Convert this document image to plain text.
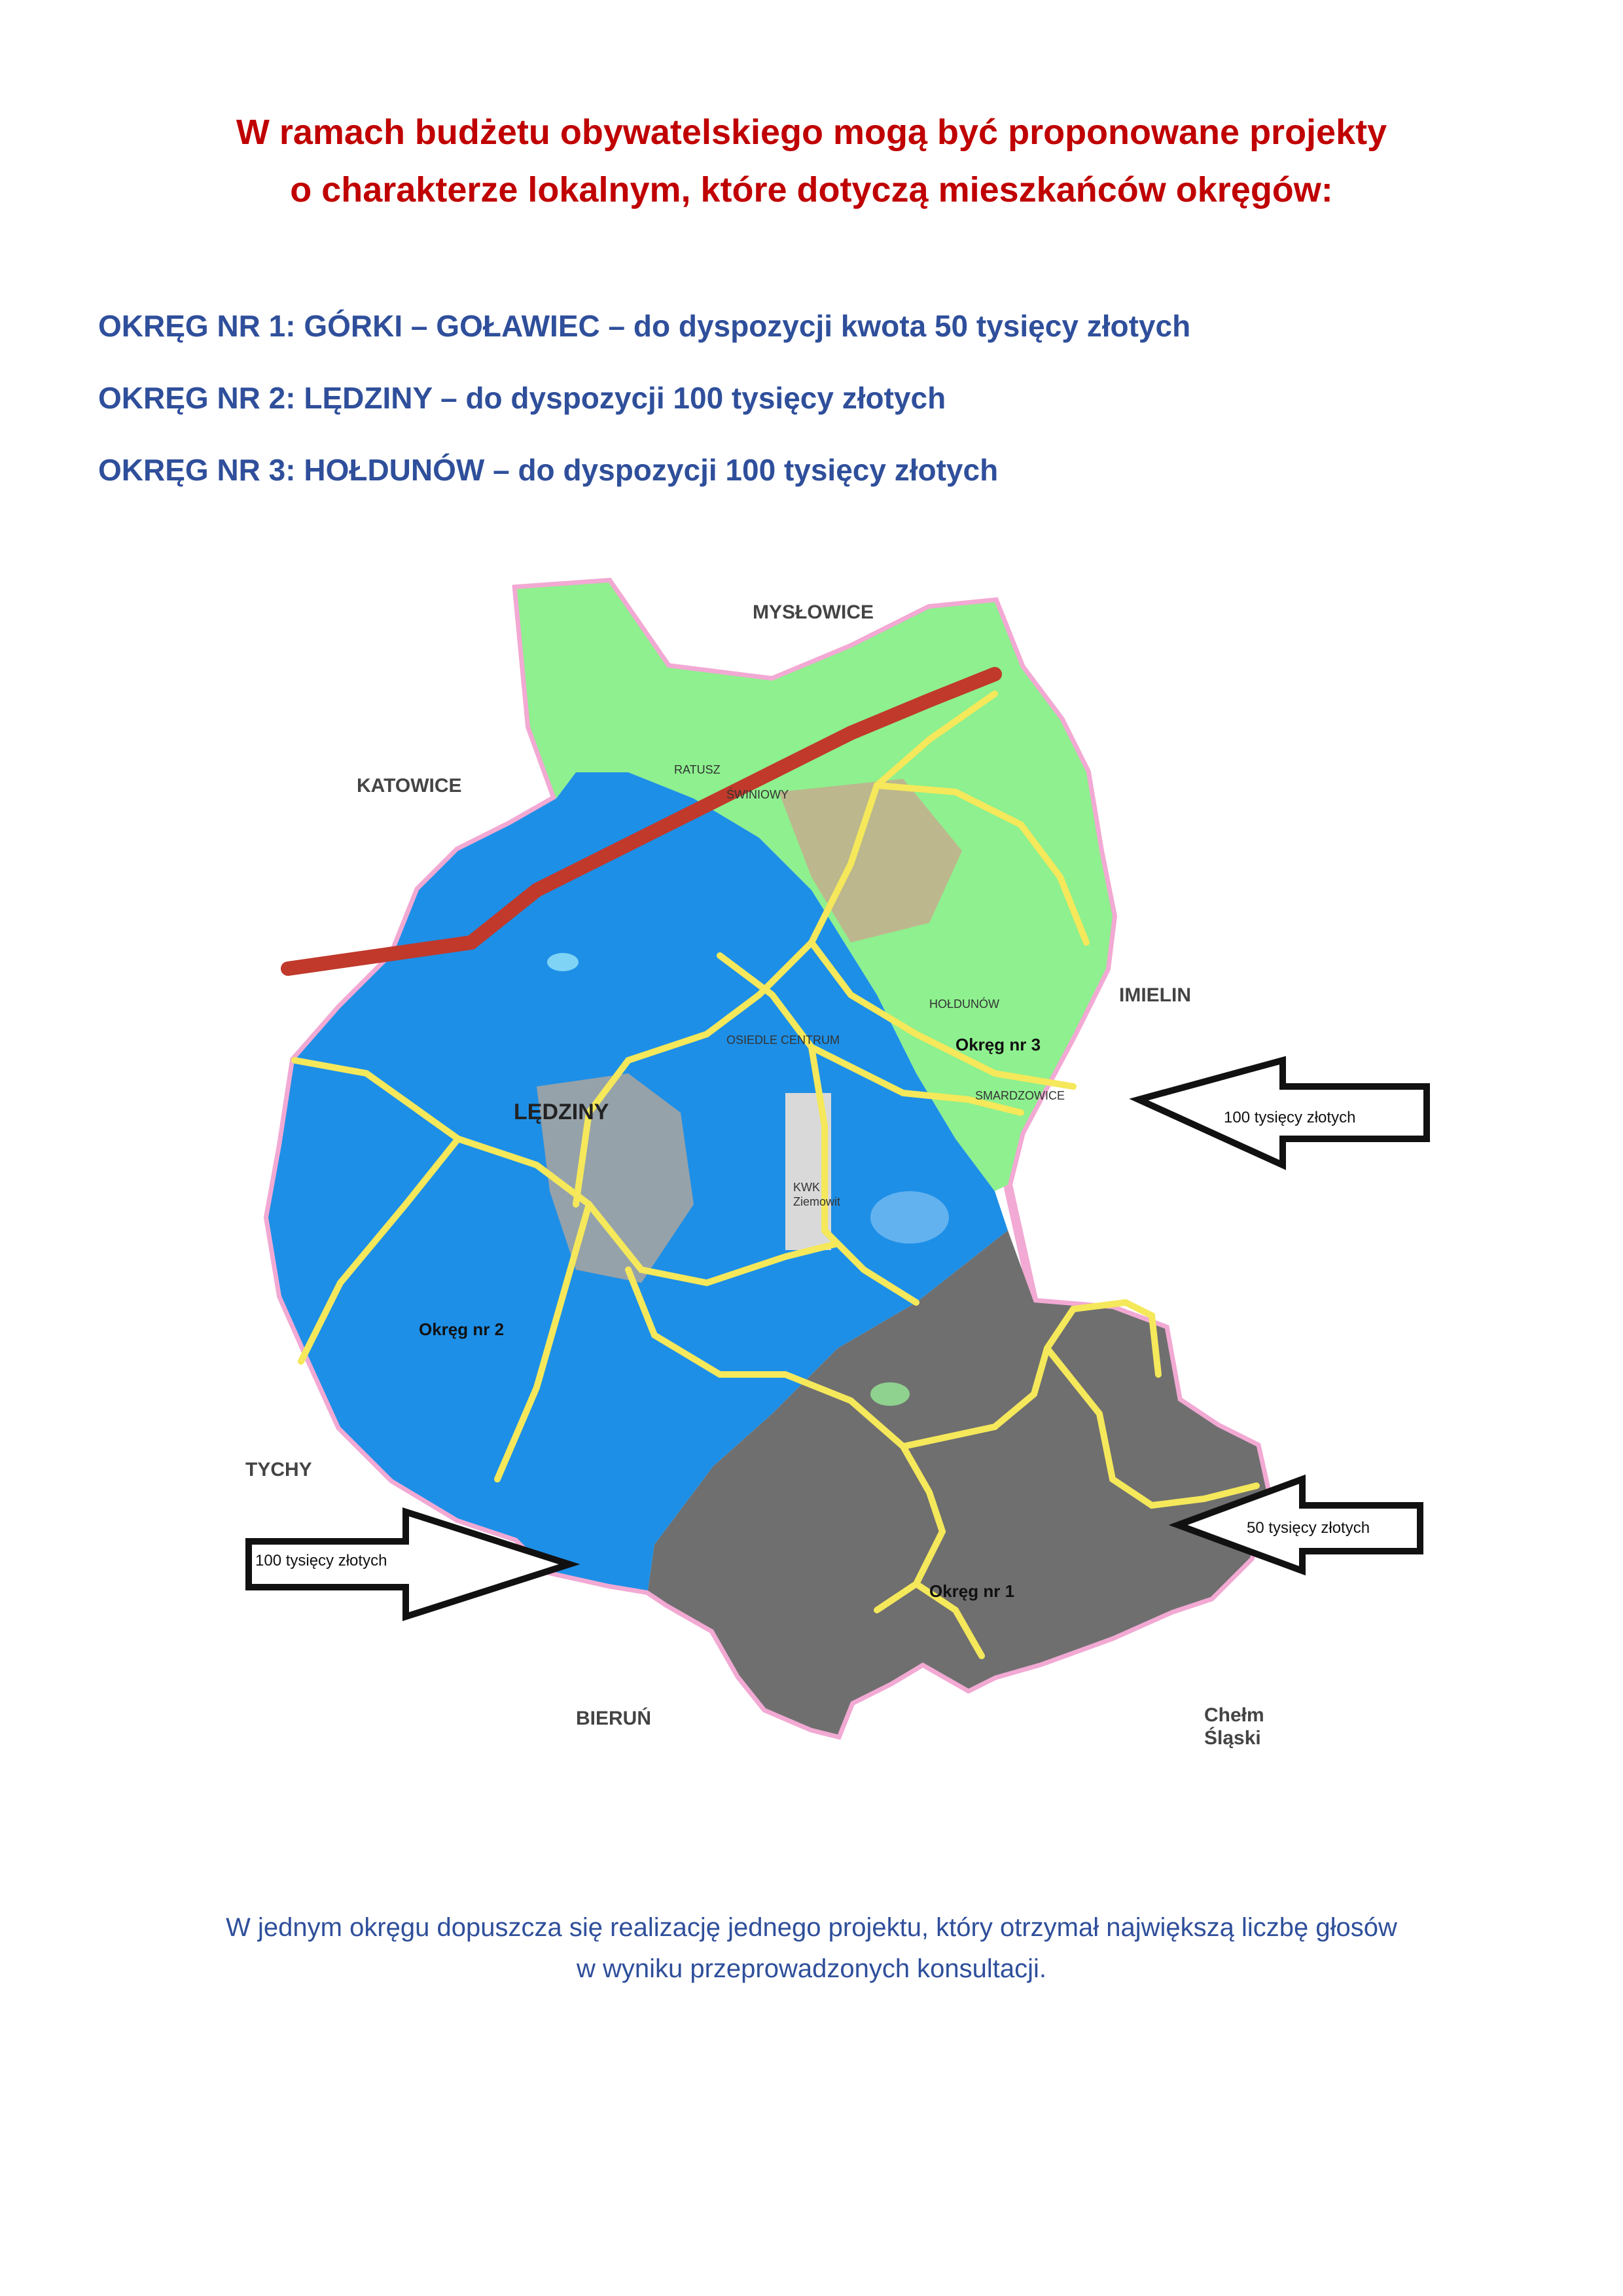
W ramach budżetu obywatelskiego mogą być proponowane projekty
o charakterze lokalnym, które dotyczą mieszkańców okręgów:
OKRĘG NR 1: GÓRKI – GOŁAWIEC – do dyspozycji kwota 50 tysięcy złotych
OKRĘG NR 2: LĘDZINY – do dyspozycji 100 tysięcy złotych
OKRĘG NR 3: HOŁDUNÓW – do dyspozycji 100 tysięcy złotych
MYSŁOWICE
KATOWICE
IMIELIN
TYCHY
BIERUŃ	Chełm
Śląski
LĘDZINY
HOŁDUNÓW
SMARDZOWICE
ŚWINIOWY
RATUSZ
OSIEDLE CENTRUM
KWK
Ziemowit
Okręg nr 3
Okręg nr 2
Okręg nr 1
100 tysięcy złotych
50 tysięcy złotych
100 tysięcy złotych
W jednym okręgu dopuszcza się realizację jednego projektu, który otrzymał największą liczbę głosów
w wyniku przeprowadzonych konsultacji.
